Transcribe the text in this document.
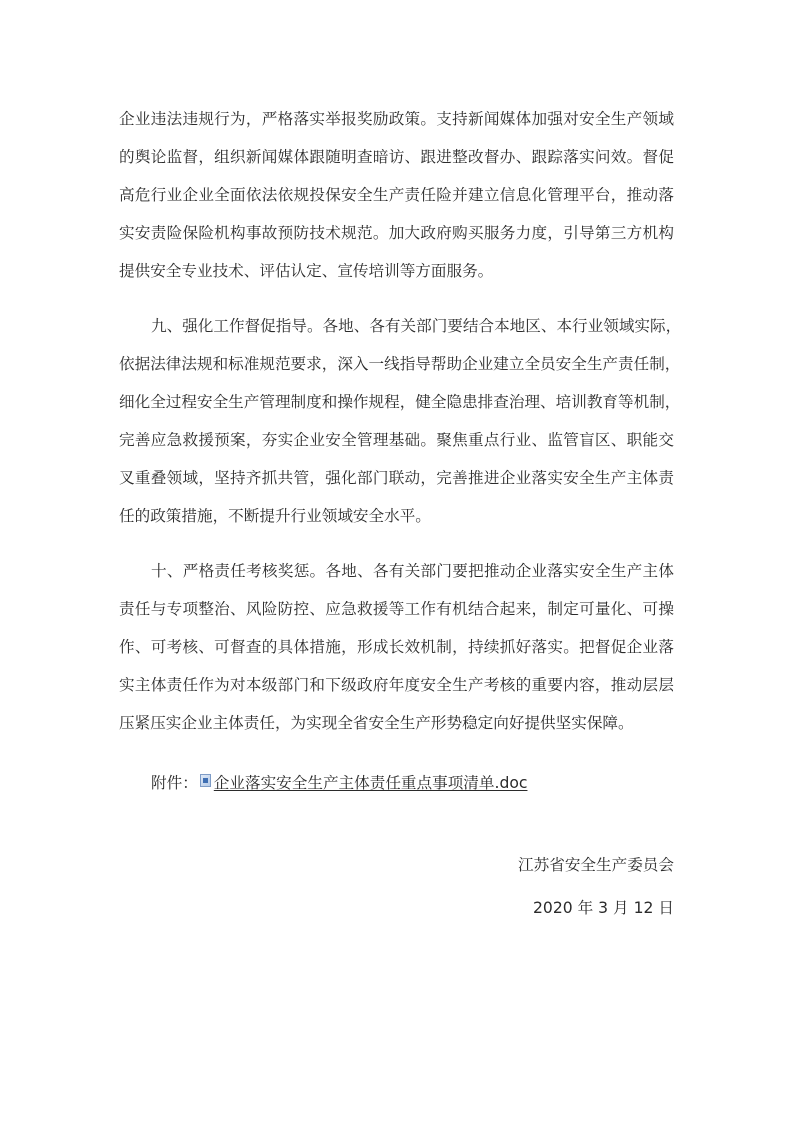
企业违法违规行为，严格落实举报奖励政策。支持新闻媒体加强对安全生产领域
的舆论监督，组织新闻媒体跟随明查暗访、跟进整改督办、跟踪落实问效。督促
高危行业企业全面依法依规投保安全生产责任险并建立信息化管理平台，推动落
实安责险保险机构事故预防技术规范。加大政府购买服务力度，引导第三方机构
提供安全专业技术、评估认定、宣传培训等方面服务。
九、强化工作督促指导。各地、各有关部门要结合本地区、本行业领域实际，
依据法律法规和标准规范要求，深入一线指导帮助企业建立全员安全生产责任制，
细化全过程安全生产管理制度和操作规程，健全隐患排查治理、培训教育等机制，
完善应急救援预案，夯实企业安全管理基础。聚焦重点行业、监管盲区、职能交
叉重叠领域，坚持齐抓共管，强化部门联动，完善推进企业落实安全生产主体责
任的政策措施，不断提升行业领域安全水平。
十、严格责任考核奖惩。各地、各有关部门要把推动企业落实安全生产主体
责任与专项整治、风险防控、应急救援等工作有机结合起来，制定可量化、可操
作、可考核、可督查的具体措施，形成长效机制，持续抓好落实。把督促企业落
实主体责任作为对本级部门和下级政府年度安全生产考核的重要内容，推动层层
压紧压实企业主体责任，为实现全省安全生产形势稳定向好提供坚实保障。
附件： 企业落实安全生产主体责任重点事项清单.doc
江苏省安全生产委员会
2020 年 3 月 12 日
